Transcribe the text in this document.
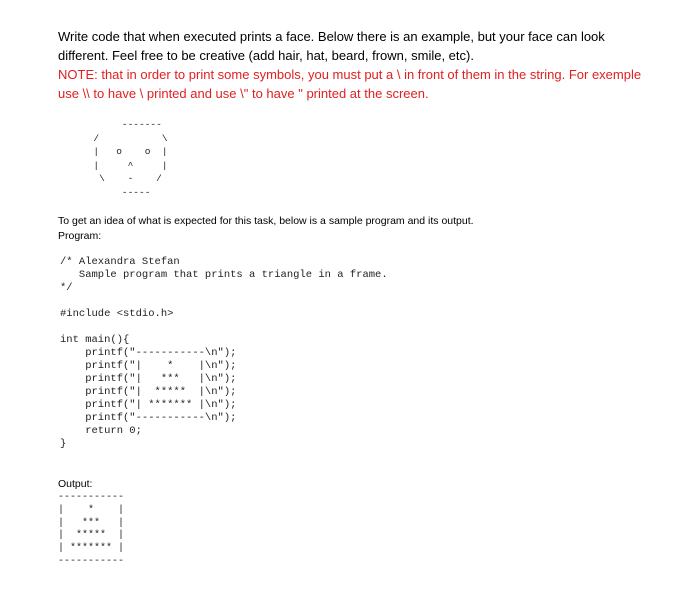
Write code that when executed prints a face. Below there is an example, but your face can look
different. Feel free to be creative (add hair, hat, beard, frown, smile, etc).
NOTE: that in order to print some symbols, you must put a \ in front of them in the string. For exemple
use \\ to have \ printed and use \" to have " printed at the screen.
-------
/           \
|   o    o  |
|     ^     |
\    -    /
-----
To get an idea of what is expected for this task, below is a sample program and its output.
Program:
/* Alexandra Stefan
Sample program that prints a triangle in a frame.
*/

#include <stdio.h>

int main(){
printf("-----------\n");
printf("|    *    |\n");
printf("|   ***   |\n");
printf("|  *****  |\n");
printf("| ******* |\n");
printf("-----------\n");
return 0;
}
Output:
-----------
|    *    |
|   ***   |
|  *****  |
| ******* |
-----------
